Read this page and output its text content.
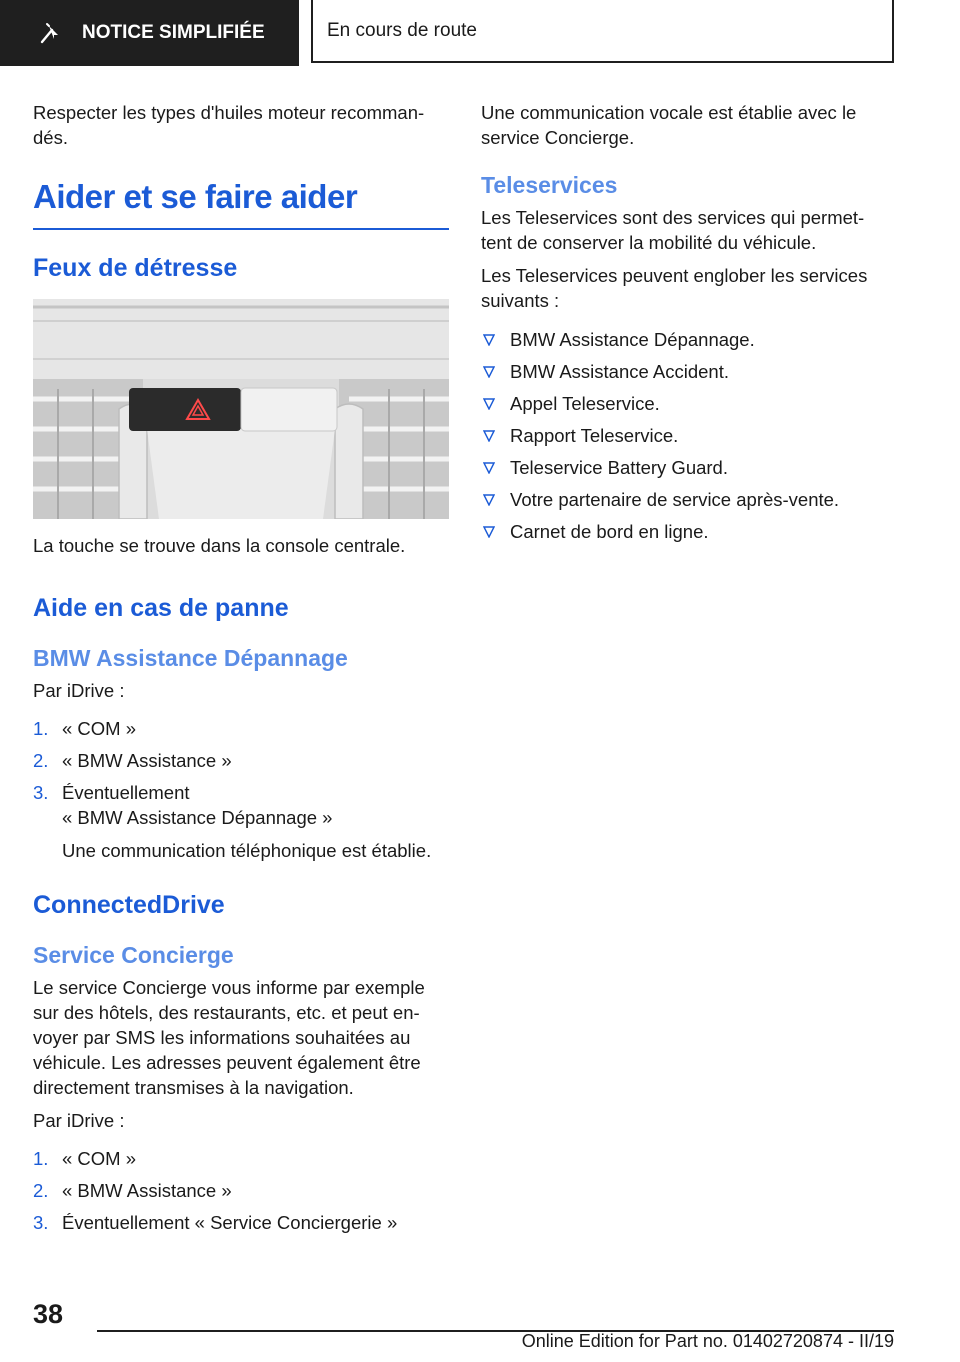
NOTICE SIMPLIFIÉE	En cours de route

Respecter les types d'huiles moteur recomman-dés.

Aider et se faire aider
Feux de détresse

La touche se trouve dans la console centrale.

Aide en cas de panne
BMW Assistance Dépannage

Par iDrive :

1. « COM »
2. « BMW Assistance »
3. Éventuellement
« BMW Assistance Dépannage »

Une communication téléphonique est établie.

ConnectedDrive
Service Concierge

Le service Concierge vous informe par exemple sur des hôtels, des restaurants, etc. et peut en-voyer par SMS les informations souhaitées au véhicule. Les adresses peuvent également être directement transmises à la navigation.

Par iDrive :

1. « COM »
2. « BMW Assistance »
3. Éventuellement « Service Conciergerie »

Une communication vocale est établie avec le service Concierge.

Teleservices

Les Teleservices sont des services qui permet-tent de conserver la mobilité du véhicule.

Les Teleservices peuvent englober les services suivants :

BMW Assistance Dépannage.
BMW Assistance Accident.
Appel Teleservice.
Rapport Teleservice.
Teleservice Battery Guard.
Votre partenaire de service après-vente.
Carnet de bord en ligne.
38
Online Edition for Part no. 01402720874 - II/19
